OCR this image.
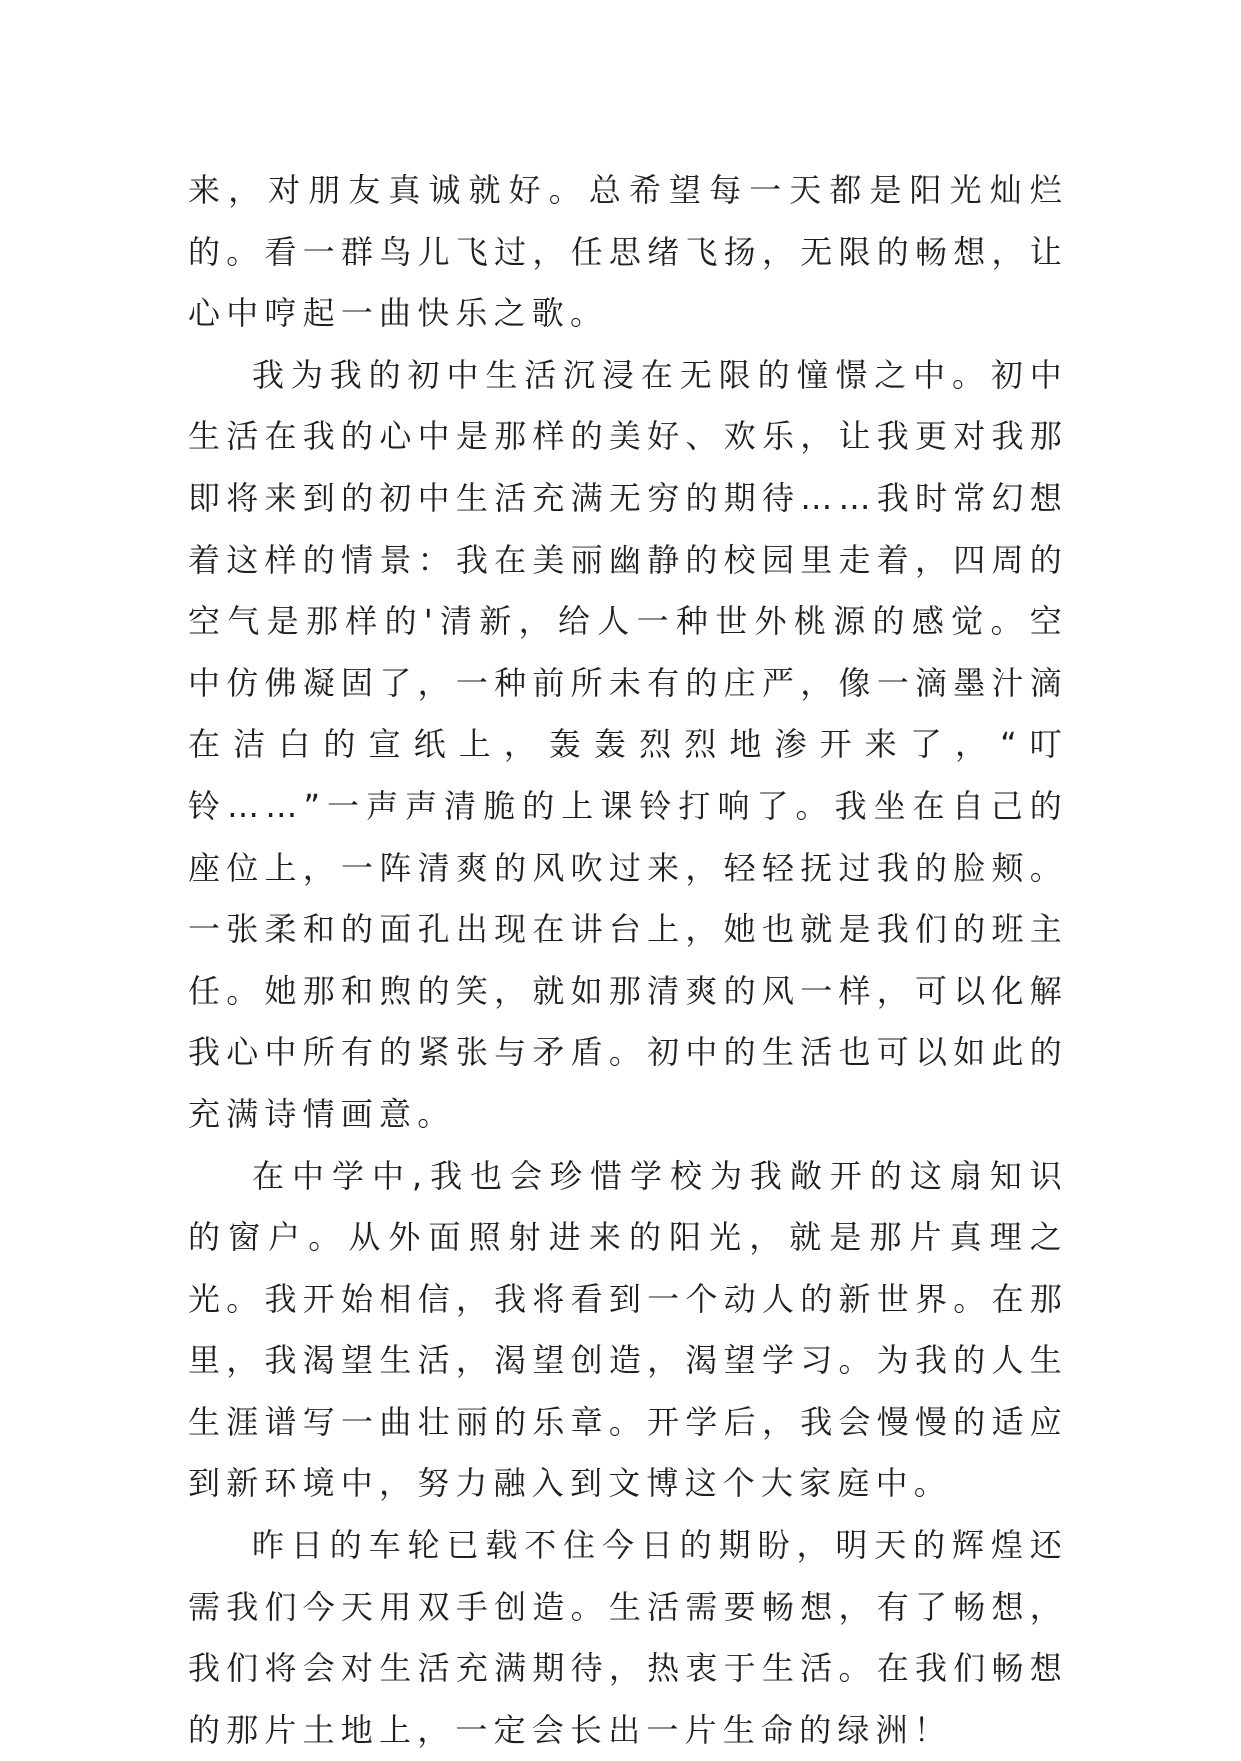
来，对朋友真诚就好。总希望每一天都是阳光灿烂的。看一群鸟儿飞过，任思绪飞扬，无限的畅想，让心中哼起一曲快乐之歌。

我为我的初中生活沉浸在无限的憧憬之中。初中生活在我的心中是那样的美好、欢乐，让我更对我那即将来到的初中生活充满无穷的期待……我时常幻想着这样的情景：我在美丽幽静的校园里走着，四周的空气是那样的'清新，给人一种世外桃源的感觉。空中仿佛凝固了，一种前所未有的庄严，像一滴墨汁滴在洁白的宣纸上，轰轰烈烈地渗开来了，“叮铃……”一声声清脆的上课铃打响了。我坐在自己的座位上，一阵清爽的风吹过来，轻轻抚过我的脸颊。一张柔和的面孔出现在讲台上，她也就是我们的班主任。她那和煦的笑，就如那清爽的风一样，可以化解我心中所有的紧张与矛盾。初中的生活也可以如此的充满诗情画意。

在中学中,我也会珍惜学校为我敞开的这扇知识的窗户。从外面照射进来的阳光，就是那片真理之光。我开始相信，我将看到一个动人的新世界。在那里，我渴望生活，渴望创造，渴望学习。为我的人生生涯谱写一曲壮丽的乐章。开学后，我会慢慢的适应到新环境中，努力融入到文博这个大家庭中。

昨日的车轮已载不住今日的期盼，明天的辉煌还需我们今天用双手创造。生活需要畅想，有了畅想，我们将会对生活充满期待，热衷于生活。在我们畅想的那片土地上，一定会长出一片生命的绿洲！
